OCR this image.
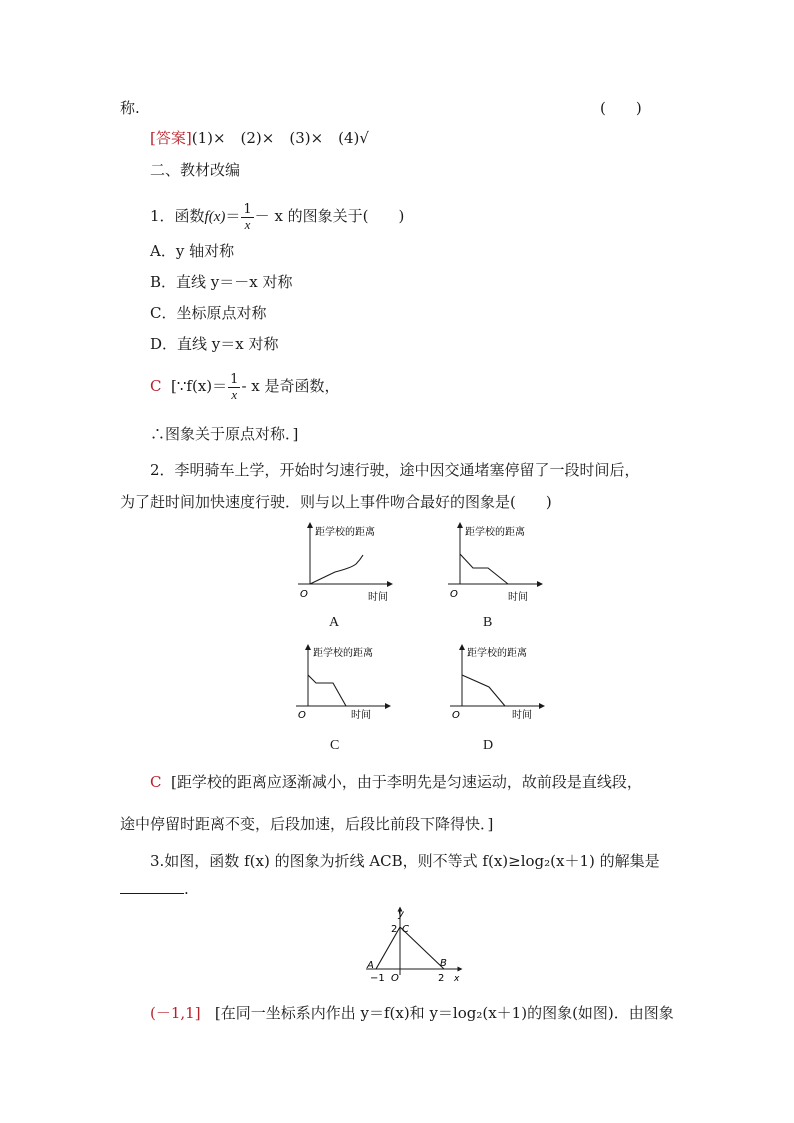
称.	(　　)
[答案](1)×　(2)×　(3)×　(4)√
二、教材改编
1．函数$f(x)= \frac{1}{x} - x$ 的图象关于(　　)
A．y 轴对称
B．直线 y＝－x 对称
C．坐标原点对称
D．直线 y＝x 对称
C [∵f(x)＝ $\frac{1}{x}$ - x 是奇函数，
∴图象关于原点对称．]
2．李明骑车上学，开始时匀速行驶，途中因交通堵塞停留了一段时间后，
为了赶时间加快速度行驶．则与以上事件吻合最好的图象是(　　)
距学校的距离
时间
O
A
距学校的距离
时间
O
B
距学校的距离
时间
O
C
距学校的距离
时间
O
D
C [距学校的距离应逐渐减小，由于李明先是匀速运动，故前段是直线段，
途中停留时距离不变，后段加速，后段比前段下降得快．]
3.如图，函数 f(x) 的图象为折线 ACB，则不等式 f(x)≥log₂(x＋1) 的解集是
.
y
x
2 C
A	B
O
−1	2
(－1,1] [在同一坐标系内作出 y＝f(x)和 y＝log₂(x＋1)的图象(如图)．由图象
